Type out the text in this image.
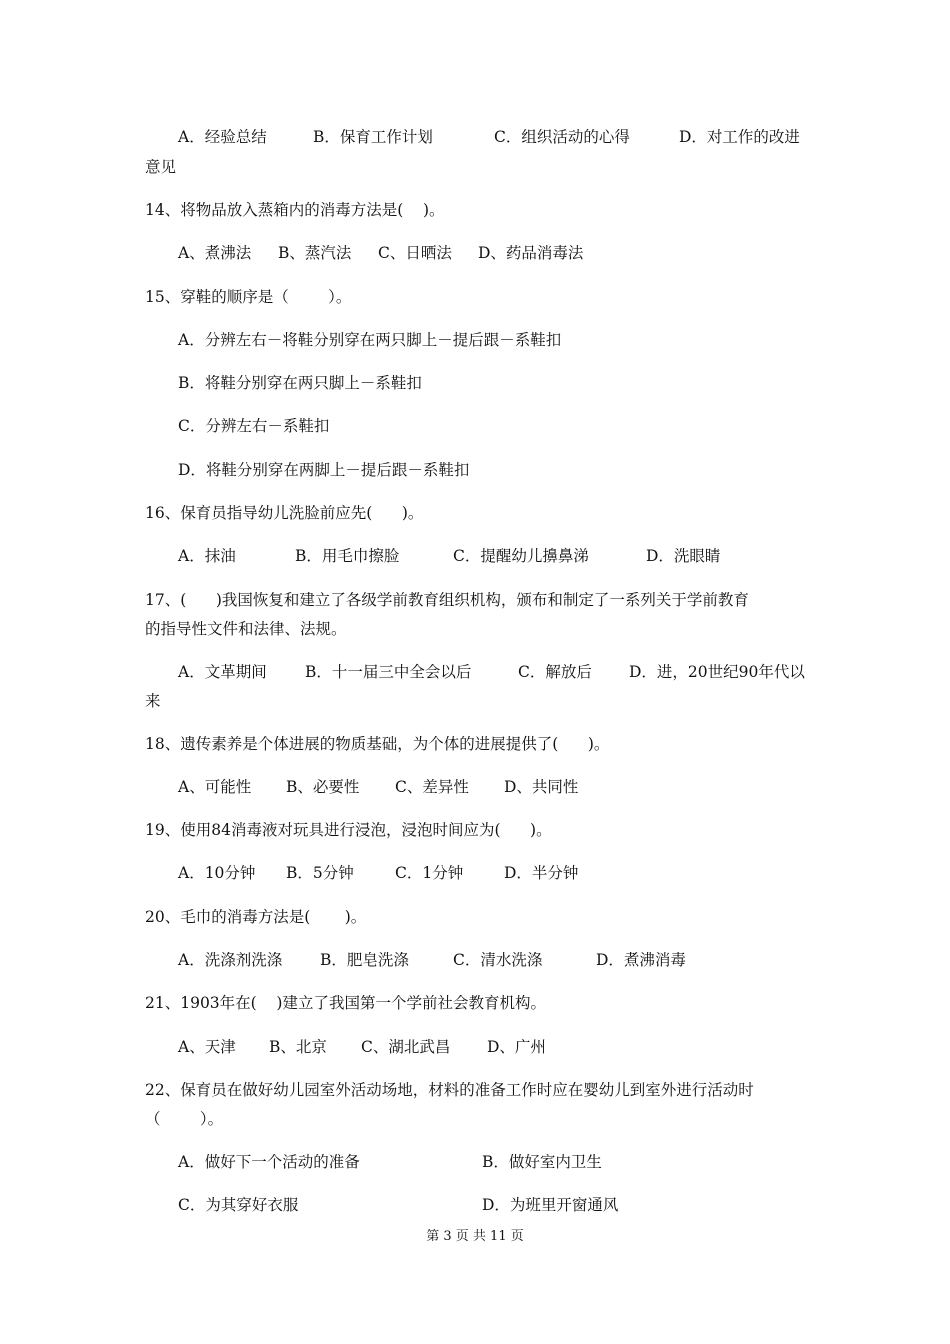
A．经验总结	B．保育工作计划	C．组织活动的心得	D．对工作的改进
意见
14、将物品放入蒸箱内的消毒方法是(    )。
A、煮沸法 B、蒸汽法 C、日晒法 D、药品消毒法
15、穿鞋的顺序是（        ）。
A．分辨左右－将鞋分别穿在两只脚上－提后跟－系鞋扣
B．将鞋分别穿在两只脚上－系鞋扣
C．分辨左右－系鞋扣
D．将鞋分别穿在两脚上－提后跟－系鞋扣
16、保育员指导幼儿洗脸前应先(      )。
A．抹油	B．用毛巾擦脸	C．提醒幼儿擤鼻涕	D．洗眼睛
17、(      )我国恢复和建立了各级学前教育组织机构，颁布和制定了一系列关于学前教育
的指导性文件和法律、法规。
A．文革期间 B．十一届三中全会以后	C．解放后 D．进，20世纪90年代以
来
18、遗传素养是个体进展的物质基础，为个体的进展提供了(      )。
A、可能性 B、必要性 C、差异性 D、共同性
19、使用84消毒液对玩具进行浸泡，浸泡时间应为(      )。
A．10分钟 B．5分钟	C．1分钟	D．半分钟
20、毛巾的消毒方法是(       )。
A．洗涤剂洗涤 B．肥皂洗涤	C．清水洗涤	D．煮沸消毒
21、1903年在(    )建立了我国第一个学前社会教育机构。
A、天津 B、北京 C、湖北武昌 D、广州
22、保育员在做好幼儿园室外活动场地，材料的准备工作时应在婴幼儿到室外进行活动时
（        ）。
A．做好下一个活动的准备	B．做好室内卫生
C．为其穿好衣服	D．为班里开窗通风
第 3 页 共 11 页
